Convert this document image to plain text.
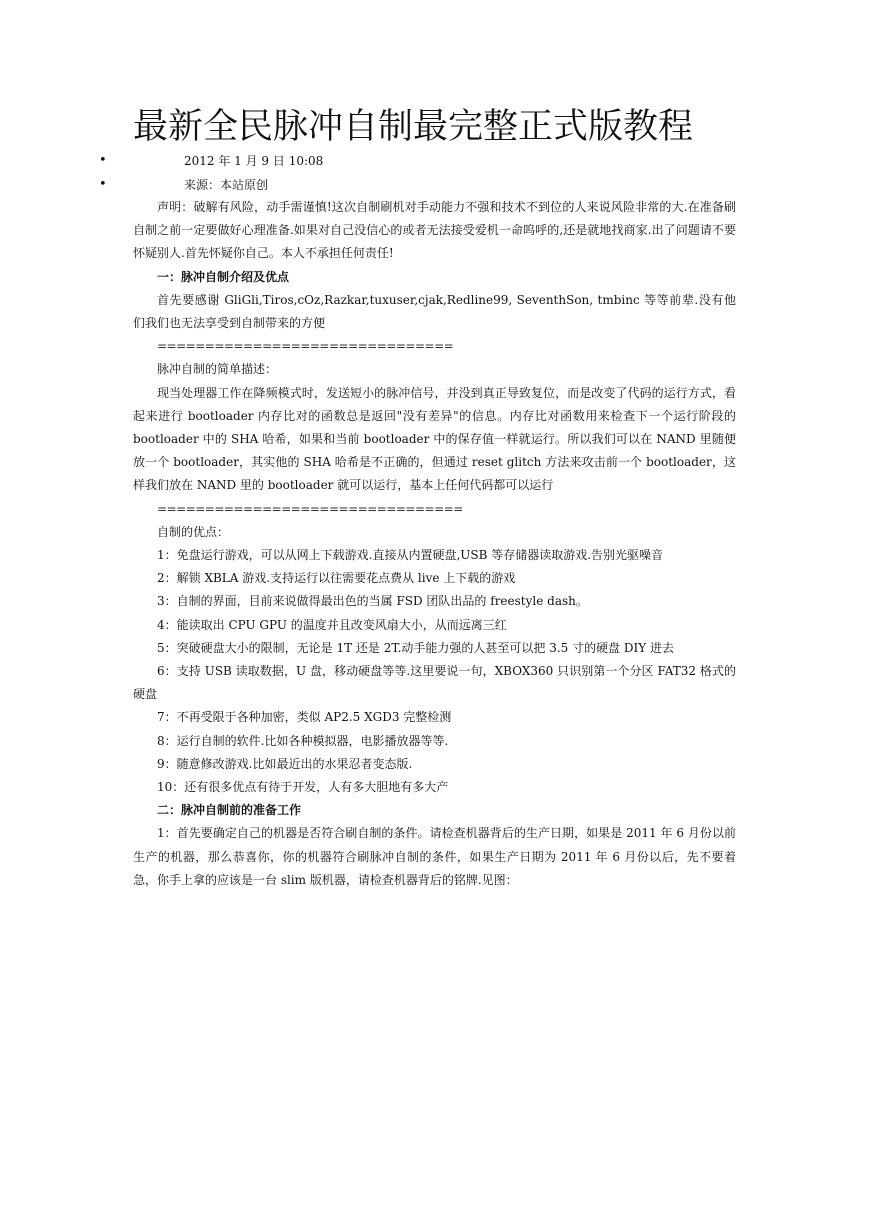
最新全民脉冲自制最完整正式版教程
•	2012 年 1 月 9 日 10:08
•	来源：本站原创

声明：破解有风险，动手需谨慎!这次自制刷机对手动能力不强和技术不到位的人来说风险非常的大.在准备刷自制之前一定要做好心理准备.如果对自己没信心的或者无法接受爱机一命呜呼的,还是就地找商家.出了问题请不要怀疑别人.首先怀疑你自己。本人不承担任何责任!

一：脉冲自制介绍及优点

首先要感谢 GliGli,Tiros,cOz,Razkar,tuxuser,cjak,Redline99, SeventhSon, tmbinc 等等前辈.没有他们我们也无法享受到自制带来的方便

===============================

脉冲自制的简单描述：

现当处理器工作在降频模式时，发送短小的脉冲信号，并没到真正导致复位，而是改变了代码的运行方式，看起来进行 bootloader 内存比对的函数总是返回"没有差异"的信息。内存比对函数用来检查下一个运行阶段的 bootloader 中的 SHA 哈希，如果和当前 bootloader 中的保存值一样就运行。所以我们可以在 NAND 里随便放一个 bootloader，其实他的 SHA 哈希是不正确的，但通过 reset glitch 方法来攻击前一个 bootloader，这样我们放在 NAND 里的 bootloader 就可以运行，基本上任何代码都可以运行

================================

自制的优点：

1：免盘运行游戏，可以从网上下载游戏.直接从内置硬盘,USB 等存储器读取游戏.告别光驱噪音

2：解锁 XBLA 游戏.支持运行以往需要花点费从 live 上下载的游戏

3：自制的界面，目前来说做得最出色的当属 FSD 团队出品的 freestyle dash。

4：能读取出 CPU GPU 的温度并且改变风扇大小，从而远离三红

5：突破硬盘大小的限制，无论是 1T 还是 2T.动手能力强的人甚至可以把 3.5 寸的硬盘 DIY 进去

6：支持 USB 读取数据，U 盘，移动硬盘等等.这里要说一句，XBOX360 只识别第一个分区 FAT32 格式的硬盘

7：不再受限于各种加密，类似 AP2.5 XGD3 完整检测

8：运行自制的软件.比如各种模拟器，电影播放器等等.

9：随意修改游戏.比如最近出的水果忍者变态版.

10：还有很多优点有待于开发，人有多大胆地有多大产

二：脉冲自制前的准备工作

1：首先要确定自己的机器是否符合刷自制的条件。请检查机器背后的生产日期，如果是 2011 年 6 月份以前生产的机器，那么恭喜你，你的机器符合刷脉冲自制的条件，如果生产日期为 2011 年 6 月份以后，先不要着急，你手上拿的应该是一台 slim 版机器，请检查机器背后的铭牌.见图：
